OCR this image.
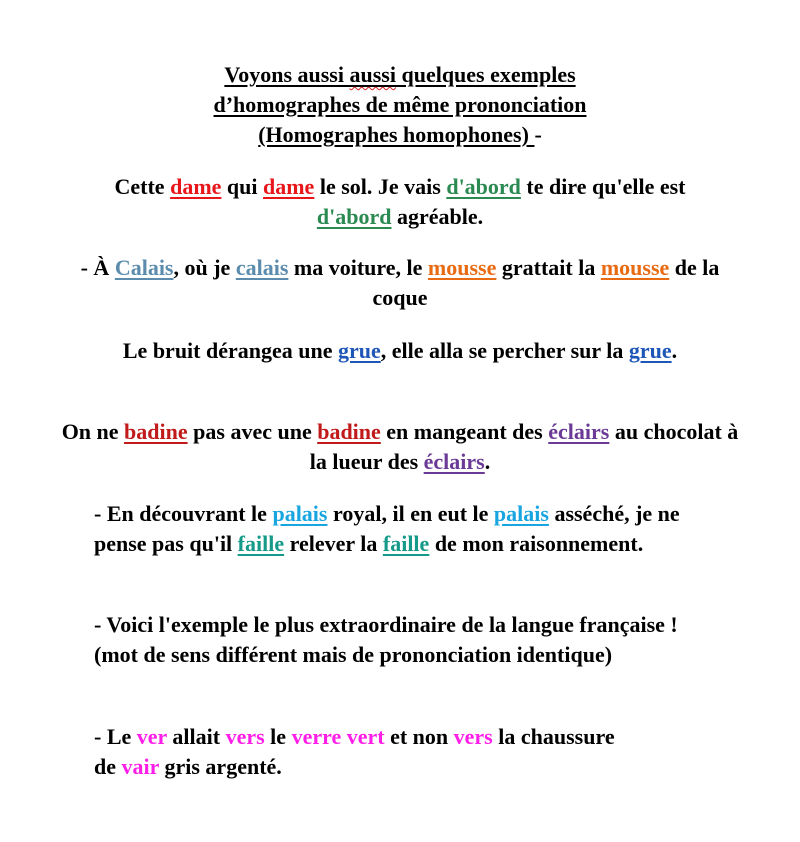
Voyons aussi aussi quelques exemples
d’homographes de même prononciation
(Homographes homophones) -
Cette dame qui dame le sol. Je vais d'abord te dire qu'elle est d'abord agréable.
- À Calais, où je calais ma voiture, le mousse grattait la mousse de la coque
Le bruit dérangea une grue, elle alla se percher sur la grue.
On ne badine pas avec une badine en mangeant des éclairs au chocolat à la lueur des éclairs.
- En découvrant le palais royal, il en eut le palais asséché, je ne pense pas qu'il faille relever la faille de mon raisonnement.
- Voici l'exemple le plus extraordinaire de la langue française ! (mot de sens différent mais de prononciation identique)
- Le ver allait vers le verre vert et non vers la chaussure de vair gris argenté.
